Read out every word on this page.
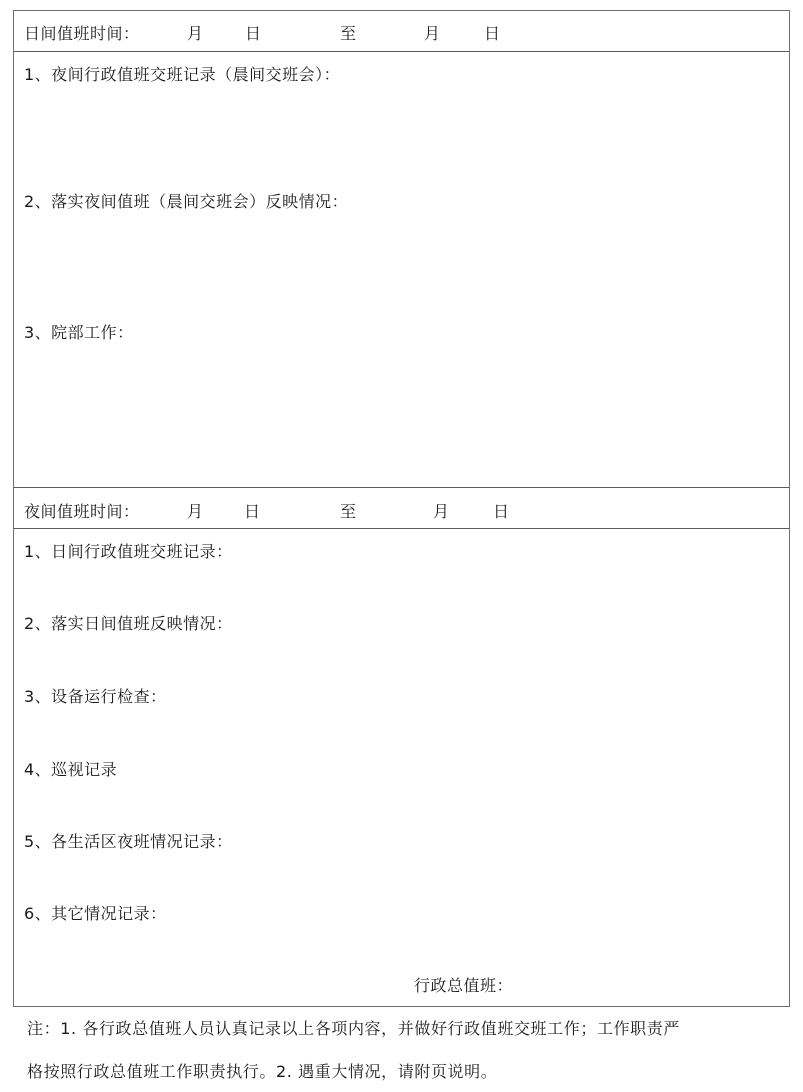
日间值班时间：	月	日	至	月	日
1、夜间行政值班交班记录（晨间交班会）：
2、落实夜间值班（晨间交班会）反映情况：
3、院部工作：
夜间值班时间：	月	日	至	月	日
1、日间行政值班交班记录：
2、落实日间值班反映情况：
3、设备运行检查：
4、巡视记录
5、各生活区夜班情况记录：
6、其它情况记录：
行政总值班：
注：1. 各行政总值班人员认真记录以上各项内容，并做好行政值班交班工作；工作职责严
格按照行政总值班工作职责执行。2. 遇重大情况，请附页说明。
